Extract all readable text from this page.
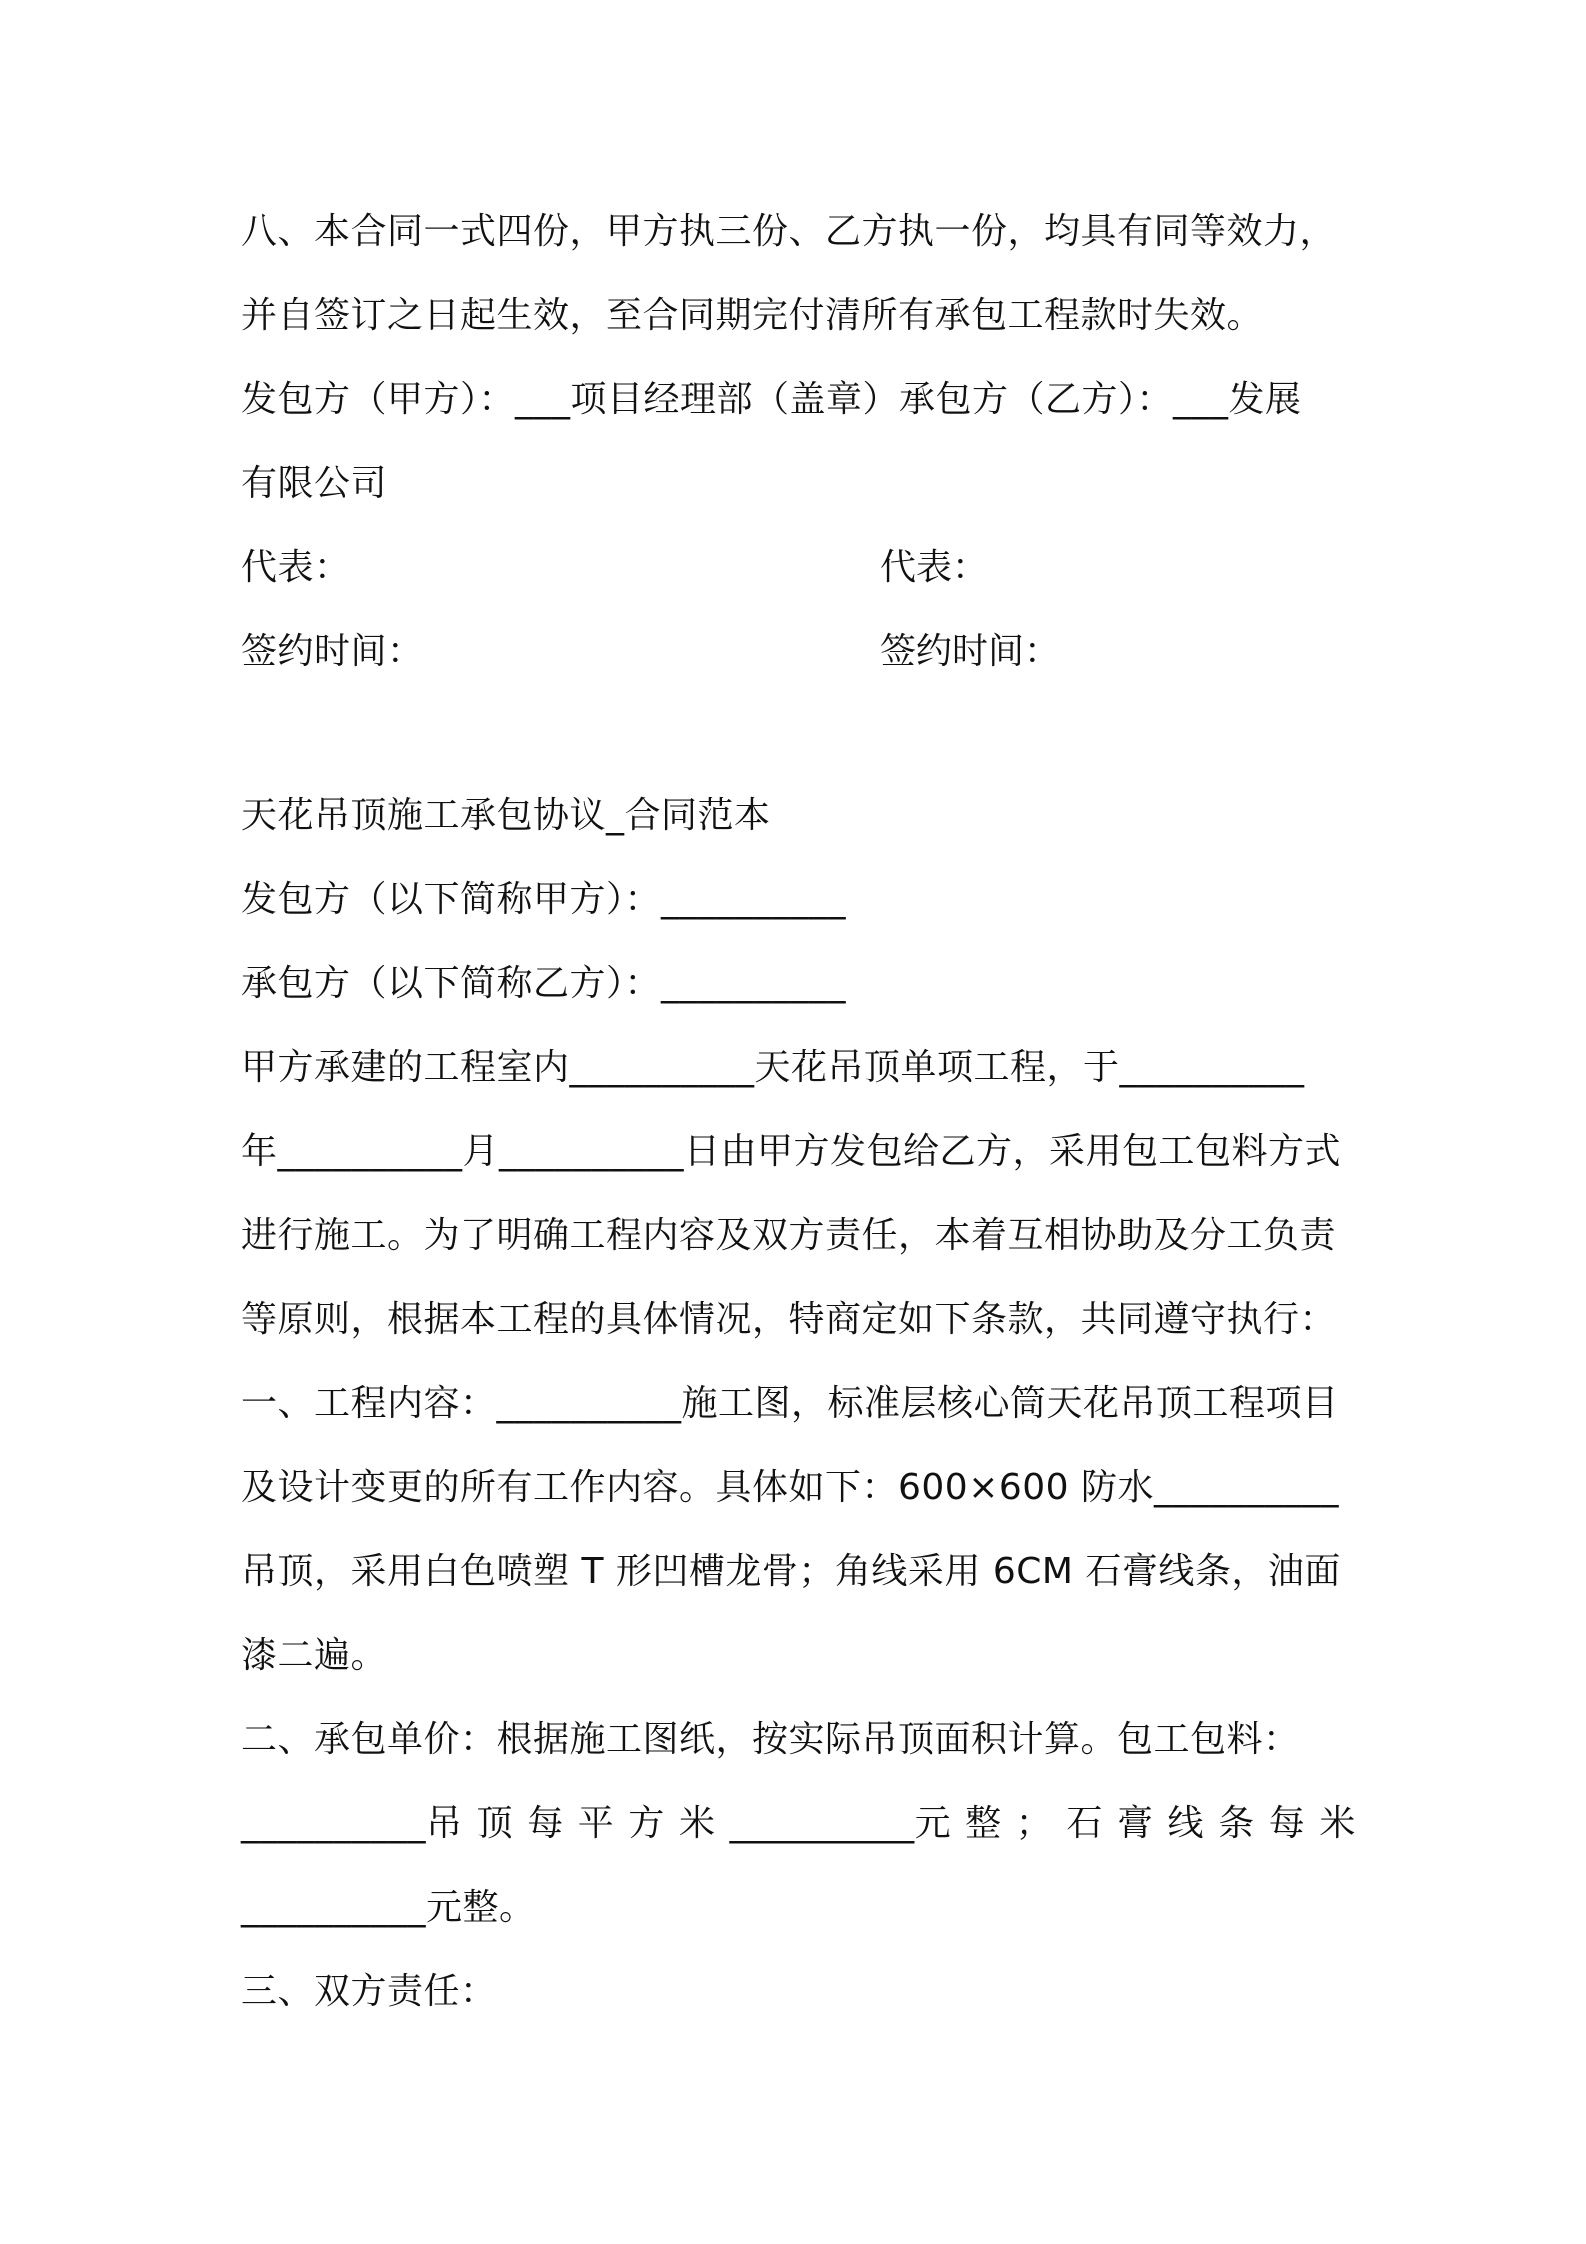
八、本合同一式四份，甲方执三份、乙方执一份，均具有同等效力，
并自签订之日起生效，至合同期完付清所有承包工程款时失效。
发包方（甲方）：___项目经理部（盖章）承包方（乙方）：___发展
有限公司
代表：	代表：
签约时间：	签约时间：
天花吊顶施工承包协议_合同范本
发包方（以下简称甲方）：__________
承包方（以下简称乙方）：__________
甲方承建的工程室内__________天花吊顶单项工程，于__________
年__________月__________日由甲方发包给乙方，采用包工包料方式
进行施工。为了明确工程内容及双方责任，本着互相协助及分工负责
等原则，根据本工程的具体情况，特商定如下条款，共同遵守执行：
一、工程内容：__________施工图，标准层核心筒天花吊顶工程项目
及设计变更的所有工作内容。具体如下：600×600 防水__________
吊顶，采用白色喷塑 T 形凹槽龙骨；角线采用 6CM 石膏线条，油面
漆二遍。
二、承包单价：根据施工图纸，按实际吊顶面积计算。包工包料：
__________吊 顶 每 平 方 米 __________元 整 ； 石 膏 线 条 每 米
__________元整。
三、双方责任：
